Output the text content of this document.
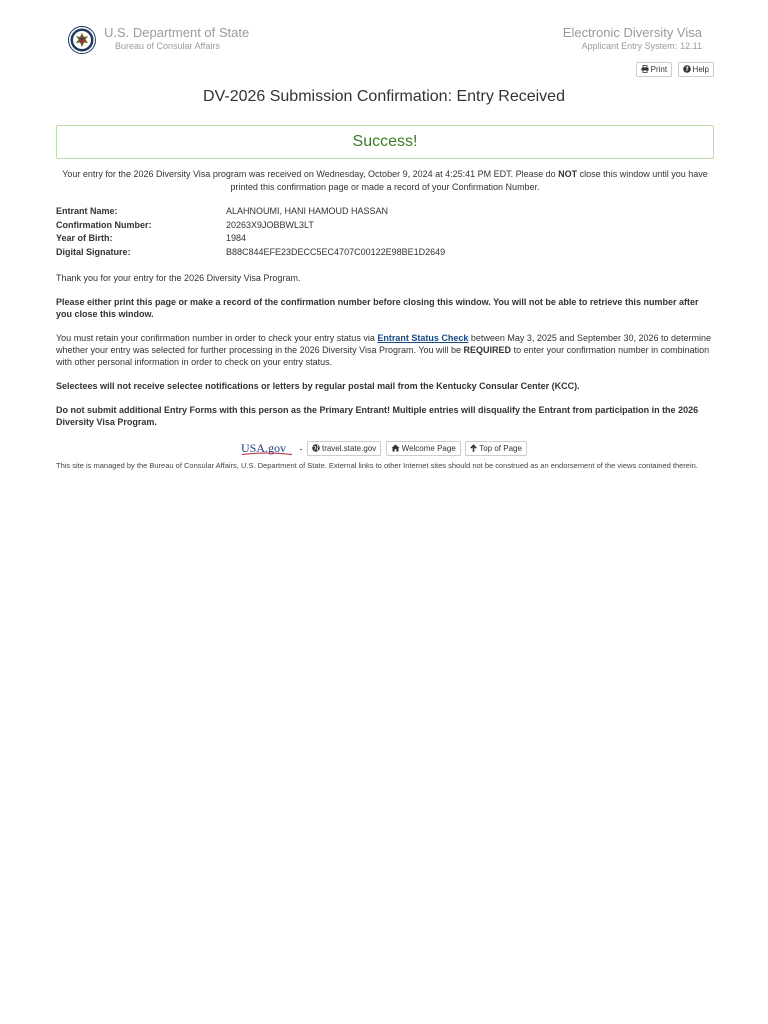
U.S. Department of State
Bureau of Consular Affairs
Electronic Diversity Visa
Applicant Entry System: 12.11
Print	? Help
DV-2026 Submission Confirmation: Entry Received
Success!
Your entry for the 2026 Diversity Visa program was received on Wednesday, October 9, 2024 at 4:25:41 PM EDT. Please do NOT close this window until you have printed this confirmation page or made a record of your Confirmation Number.
Entrant Name:	ALAHNOUMI, HANI HAMOUD HASSAN
Confirmation Number:	20263X9JOBBWL3LT
Year of Birth:	1984
Digital Signature:	B88C844EFE23DECC5EC4707C00122E98BE1D2649
Thank you for your entry for the 2026 Diversity Visa Program.
Please either print this page or make a record of the confirmation number before closing this window. You will not be able to retrieve this number after you close this window.
You must retain your confirmation number in order to check your entry status via Entrant Status Check between May 3, 2025 and September 30, 2026 to determine whether your entry was selected for further processing in the 2026 Diversity Visa Program. You will be REQUIRED to enter your confirmation number in combination with other personal information in order to check on your entry status.
Selectees will not receive selectee notifications or letters by regular postal mail from the Kentucky Consular Center (KCC).
Do not submit additional Entry Forms with this person as the Primary Entrant! Multiple entries will disqualify the Entrant from participation in the 2026 Diversity Visa Program.
USA.gov - travel.state.gov	Welcome Page	Top of Page
This site is managed by the Bureau of Consular Affairs, U.S. Department of State. External links to other Internet sites should not be construed as an endorsement of the views contained therein.
